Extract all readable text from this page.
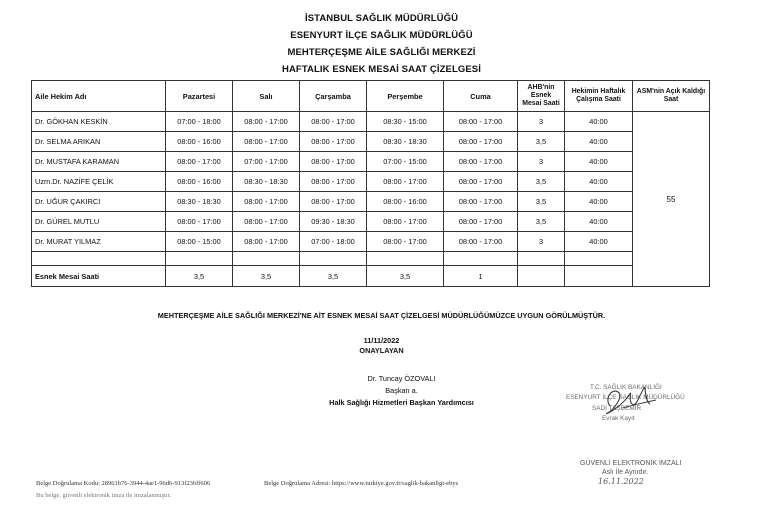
İSTANBUL SAĞLIK MÜDÜRLÜĞÜ
ESENYURT İLÇE SAĞLIK MÜDÜRLÜĞÜ
MEHTERÇEŞME AİLE SAĞLIĞI MERKEZİ
HAFTALIK ESNEK MESAİ SAAT ÇİZELGESİ
Aile Hekim Adı	Pazartesi	Salı	Çarşamba	Perşembe	Cuma	AHB'nin Esnek Mesai Saati	Hekimin Haftalık Çalışma Saati	ASM'nin Açık Kaldığı Saat
Dr. GÖKHAN KESKİN	07:00 - 18:00	08:00 - 17:00	08:00 - 17:00	08:30 - 15:00	08:00 - 17:00	3	40:00	55
Dr. SELMA ARIKAN	08:00 - 16:00	08:00 - 17:00	08:00 - 17:00	08:30 - 18:30	08:00 - 17:00	3,5	40:00	
Dr. MUSTAFA KARAMAN	08:00 - 17:00	07:00 - 17:00	08:00 - 17:00	07:00 - 15:00	08:00 - 17:00	3	40:00	
Uzm.Dr. NAZİFE ÇELİK	08:00 - 16:00	08:30 - 18:30	08:00 - 17:00	08:00 - 17:00	08:00 - 17:00	3,5	40:00	
Dr. UĞUR ÇAKIRCI	08:30 - 18:30	08:00 - 17:00	08:00 - 17:00	08:00 - 16:00	08:00 - 17:00	3,5	40:00	
Dr. GÜREL MUTLU	08:00 - 17:00	08:00 - 17:00	09:30 - 18:30	08:00 - 17:00	08:00 - 17:00	3,5	40:00	
Dr. MURAT YILMAZ	08:00 - 15:00	08:00 - 17:00	07:00 - 18:00	08:00 - 17:00	08:00 - 17:00	3	40:00	

Esnek Mesai Saati	3,5	3,5	3,5	3,5	1			
MEHTERÇEŞME AİLE SAĞLIĞI MERKEZİ'NE AİT ESNEK MESAİ SAAT ÇİZELGESİ MÜDÜRLÜĞÜMÜZCE UYGUN GÖRÜLMÜŞTÜR.
11/11/2022
ONAYLAYAN
Dr. Tuncay ÖZOVALI
Başkan a.
Halk Sağlığı Hizmetleri Başkan Yardımcısı
T.C. SAĞLIK BAKANLIĞI
ESENYURT İLÇE SAĞLIK MÜDÜRLÜĞÜ
SADİ TAŞDEMİR
Evrak Kayıt
GÜVENLİ ELEKTRONİK İMZALI
Aslı İle Aynıdır.
16.11.2022
Belge Doğrulama Kodu: 28961b76-3944-4ae1-96d6-913f236ff606	Belge Doğrulama Adresi: https://www.turkiye.gov.tr/saglik-bakanligi-ebys
Bu belge, güvenli elektronik imza ile imzalanmıştır.
